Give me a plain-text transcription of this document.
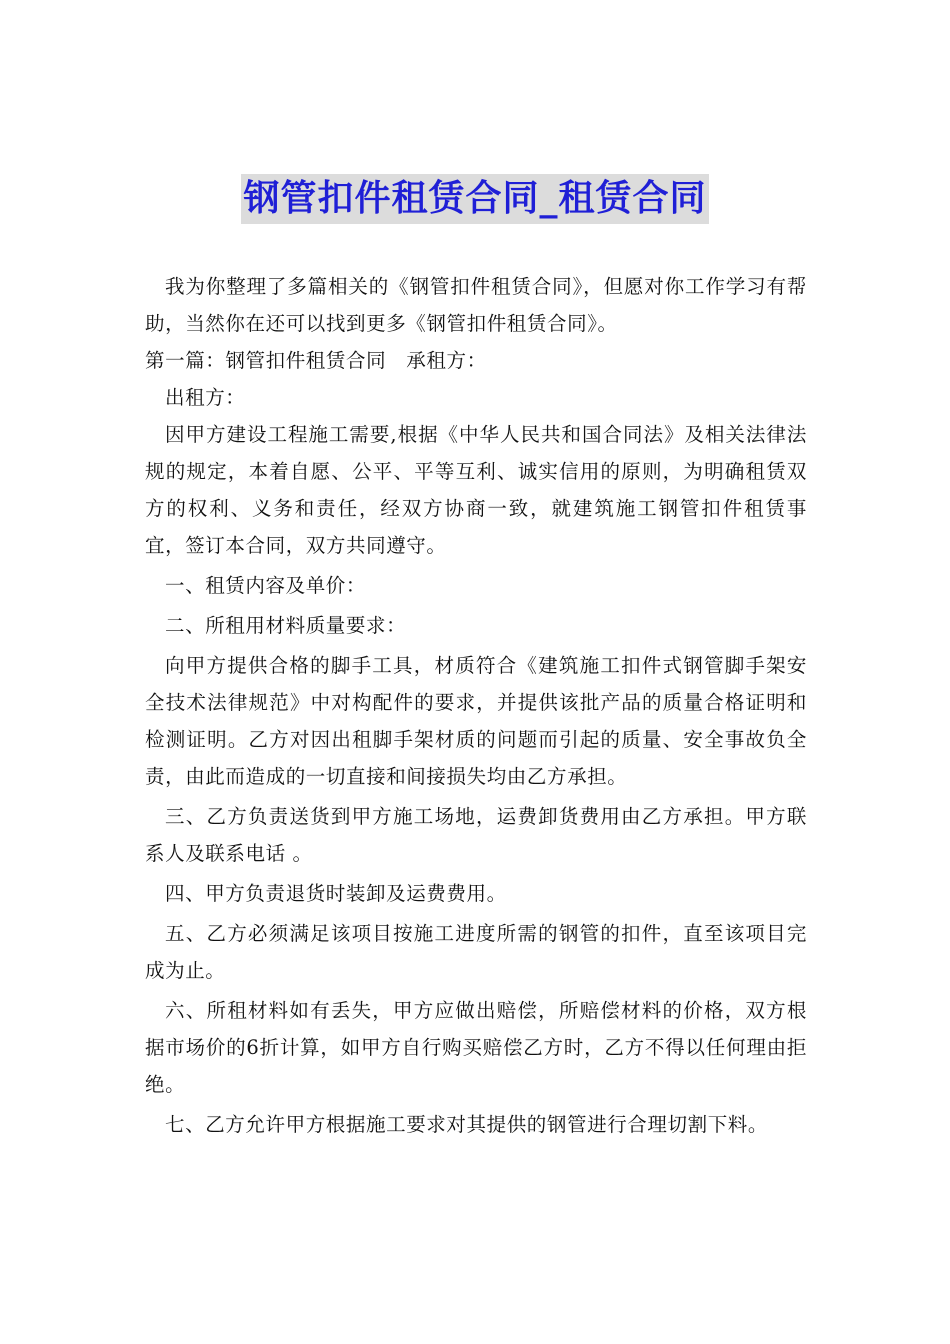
钢管扣件租赁合同_租赁合同

我为你整理了多篇相关的《钢管扣件租赁合同》，但愿对你工作学习有帮助，当然你在还可以找到更多《钢管扣件租赁合同》。

第一篇：钢管扣件租赁合同　承租方：

出租方：

因甲方建设工程施工需要,根据《中华人民共和国合同法》及相关法律法规的规定，本着自愿、公平、平等互利、诚实信用的原则，为明确租赁双方的权利、义务和责任，经双方协商一致，就建筑施工钢管扣件租赁事宜，签订本合同，双方共同遵守。

一、租赁内容及单价：

二、所租用材料质量要求：

向甲方提供合格的脚手工具，材质符合《建筑施工扣件式钢管脚手架安全技术法律规范》中对构配件的要求，并提供该批产品的质量合格证明和检测证明。乙方对因出租脚手架材质的问题而引起的质量、安全事故负全责，由此而造成的一切直接和间接损失均由乙方承担。

三、乙方负责送货到甲方施工场地，运费卸货费用由乙方承担。甲方联系人及联系电话 。

四、甲方负责退货时装卸及运费费用。

五、乙方必须满足该项目按施工进度所需的钢管的扣件，直至该项目完成为止。

六、所租材料如有丢失，甲方应做出赔偿，所赔偿材料的价格，双方根据市场价的6折计算，如甲方自行购买赔偿乙方时，乙方不得以任何理由拒绝。

七、乙方允许甲方根据施工要求对其提供的钢管进行合理切割下料。
